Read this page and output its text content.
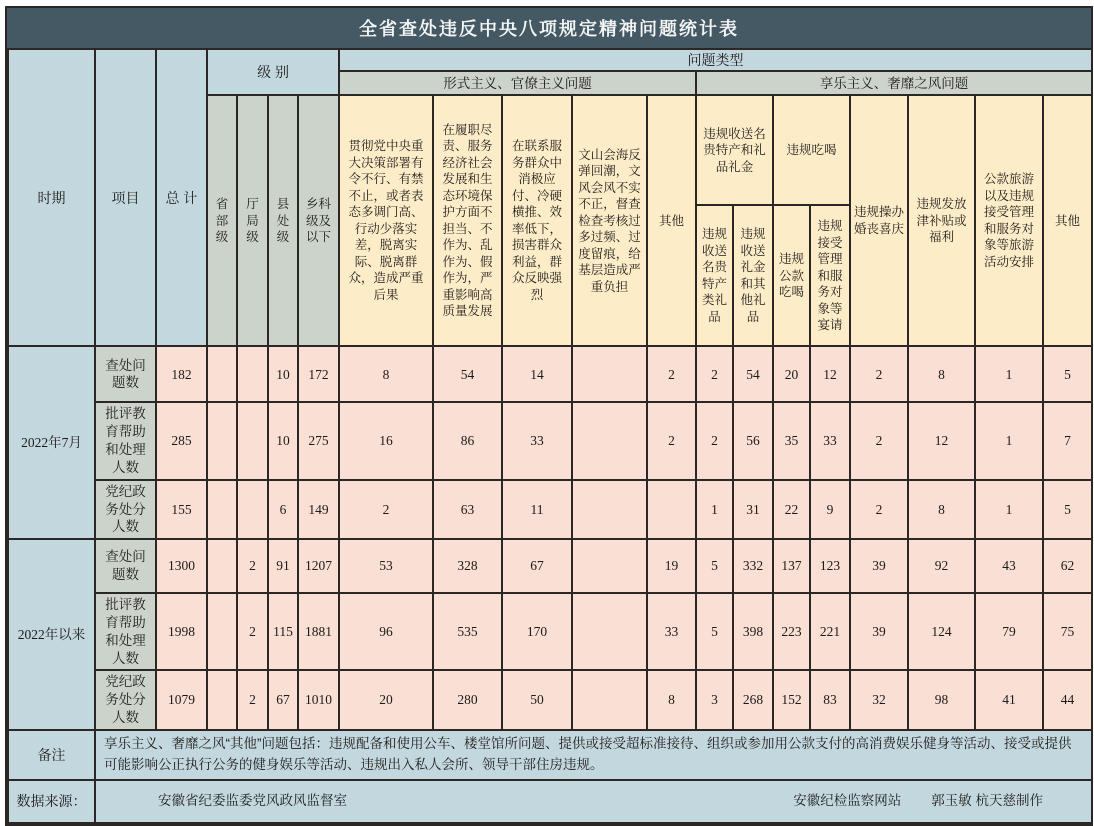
全省查处违反中央八项规定精神问题统计表
时期	项目	总 计	级 别				问题类型												
							形式主义、官僚主义问题					享乐主义、奢靡之风问题							
			省部级	厅局级	县处级	乡科级及以下	贯彻党中央重大决策部署有令不行、有禁不止，或者表态多调门高、行动少落实差，脱离实际、脱离群众，造成严重后果	在履职尽责、服务经济社会发展和生态环境保护方面不担当、不作为、乱作为、假作为，严重影响高质量发展	在联系服务群众中消极应付、冷硬横推、效率低下，损害群众利益，群众反映强烈	文山会海反弹回潮，文风会风不实不正，督查检查考核过多过频、过度留痕，给基层造成严重负担	其他	违规收送名贵特产和礼品礼金		违规吃喝		违规操办婚丧喜庆	违规发放津补贴或福利	公款旅游以及违规接受管理和服务对象等旅游活动安排	其他
												违规收送名贵特产类礼品	违规收送礼金和其他礼品	违规公款吃喝	违规接受管理和服务对象等宴请				
2022年7月	查处问题数	182			10	172	8	54	14		2	2	54	20	12	2	8	1	5
	批评教育帮助和处理人数	285			10	275	16	86	33		2	2	56	35	33	2	12	1	7
	党纪政务处分人数	155			6	149	2	63	11			1	31	22	9	2	8	1	5
2022年以来	查处问题数	1300		2	91	1207	53	328	67		19	5	332	137	123	39	92	43	62
	批评教育帮助和处理人数	1998		2	115	1881	96	535	170		33	5	398	223	221	39	124	79	75
	党纪政务处分人数	1079		2	67	1010	20	280	50		8	3	268	152	83	32	98	41	44
备注	享乐主义、奢靡之风“其他”问题包括：违规配备和使用公车、楼堂馆所问题、提供或接受超标准接待、组织或参加用公款支付的高消费娱乐健身等活动、接受或提供可能影响公正执行公务的健身娱乐等活动、违规出入私人会所、领导干部住房违规。																		
数据来源：	安徽省纪委监委党风政风监督室 安徽纪检监察网站 郭玉敏 杭天慈制作																		
